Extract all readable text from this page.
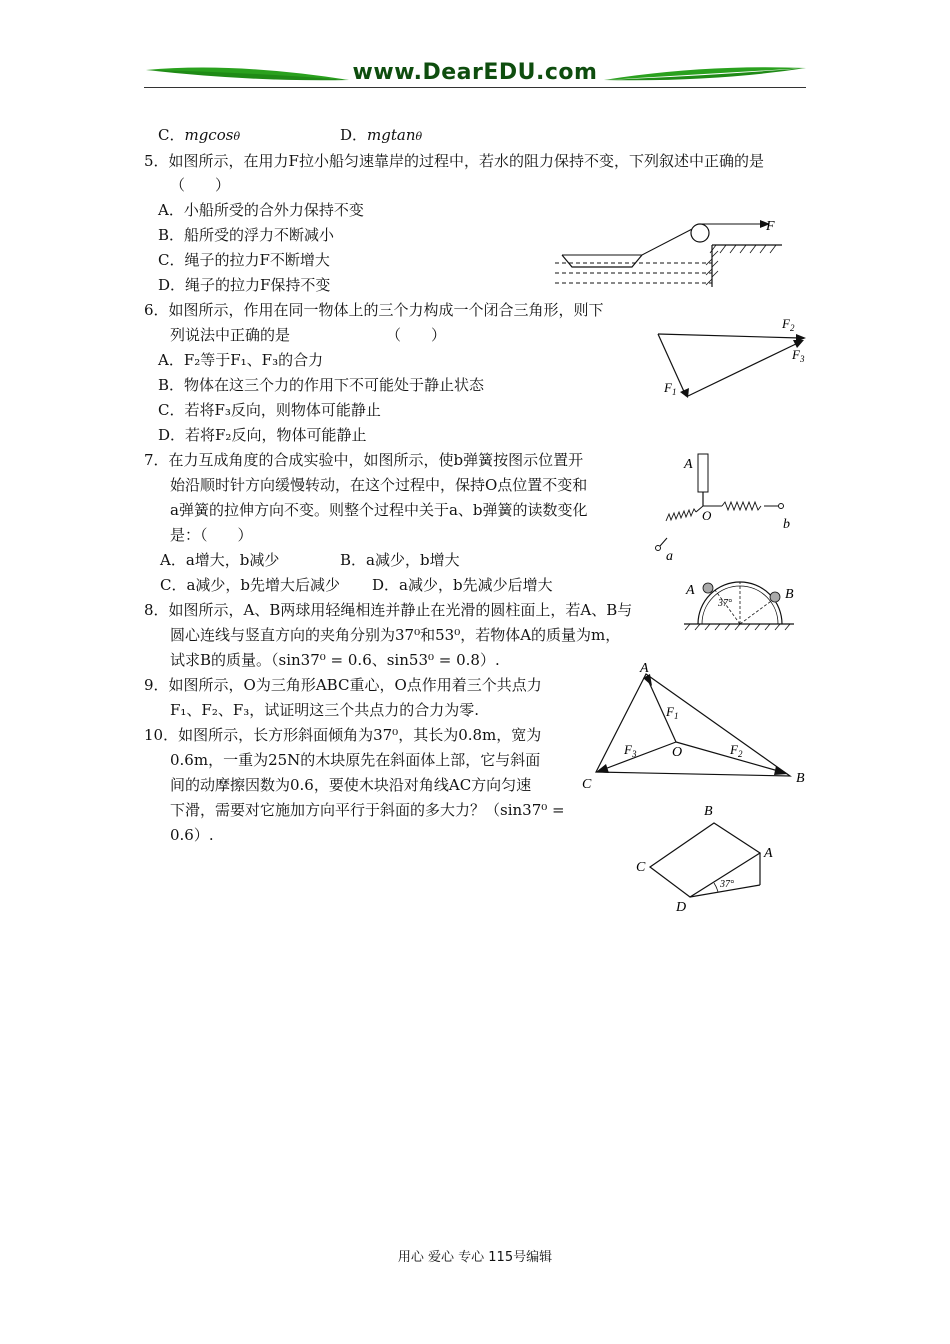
www.DearEDU.com
C．mgcosθ	D．mgtanθ
5．如图所示，在用力F拉小船匀速靠岸的过程中，若水的阻力保持不变，下列叙述中正确的是
（　　）
A．小船所受的合外力保持不变
B．船所受的浮力不断减小
C．绳子的拉力F不断增大
D．绳子的拉力F保持不变
F
6．如图所示，作用在同一物体上的三个力构成一个闭合三角形，则下
列说法中正确的是	（　　）
A．F₂等于F₁、F₃的合力
B．物体在这三个力的作用下不可能处于静止状态
C．若将F₃反向，则物体可能静止
D．若将F₂反向，物体可能静止
F 2
F 3
F 1
7．在力互成角度的合成实验中，如图所示，使b弹簧按图示位置开
始沿顺时针方向缓慢转动，在这个过程中，保持O点位置不变和
a弹簧的拉伸方向不变。则整个过程中关于a、b弹簧的读数变化
是：（　　）
A．a增大，b减少	B．a减少，b增大
C．a减少，b先增大后减少 D．a减少，b先减少后增大
A
O
b
a
8．如图所示，A、B两球用轻绳相连并静止在光滑的圆柱面上，若A、B与
圆心连线与竖直方向的夹角分别为37⁰和53⁰，若物体A的质量为m，
试求B的质量。（sin37⁰ = 0.6、sin53⁰ = 0.8）.
A	B
37°
9．如图所示，O为三角形ABC重心，O点作用着三个共点力
F₁、F₂、F₃，试证明这三个共点力的合力为零.
A
B
C
O
F 1
F 2
F 3
10．如图所示，长方形斜面倾角为37⁰，其长为0.8m，宽为
0.6m，一重为25N的木块原先在斜面体上部，它与斜面
间的动摩擦因数为0.6，要使木块沿对角线AC方向匀速
下滑，需要对它施加方向平行于斜面的多大力？（sin37⁰ =
0.6）.
B
C
A
D
37°
用心 爱心 专心 115号编辑
